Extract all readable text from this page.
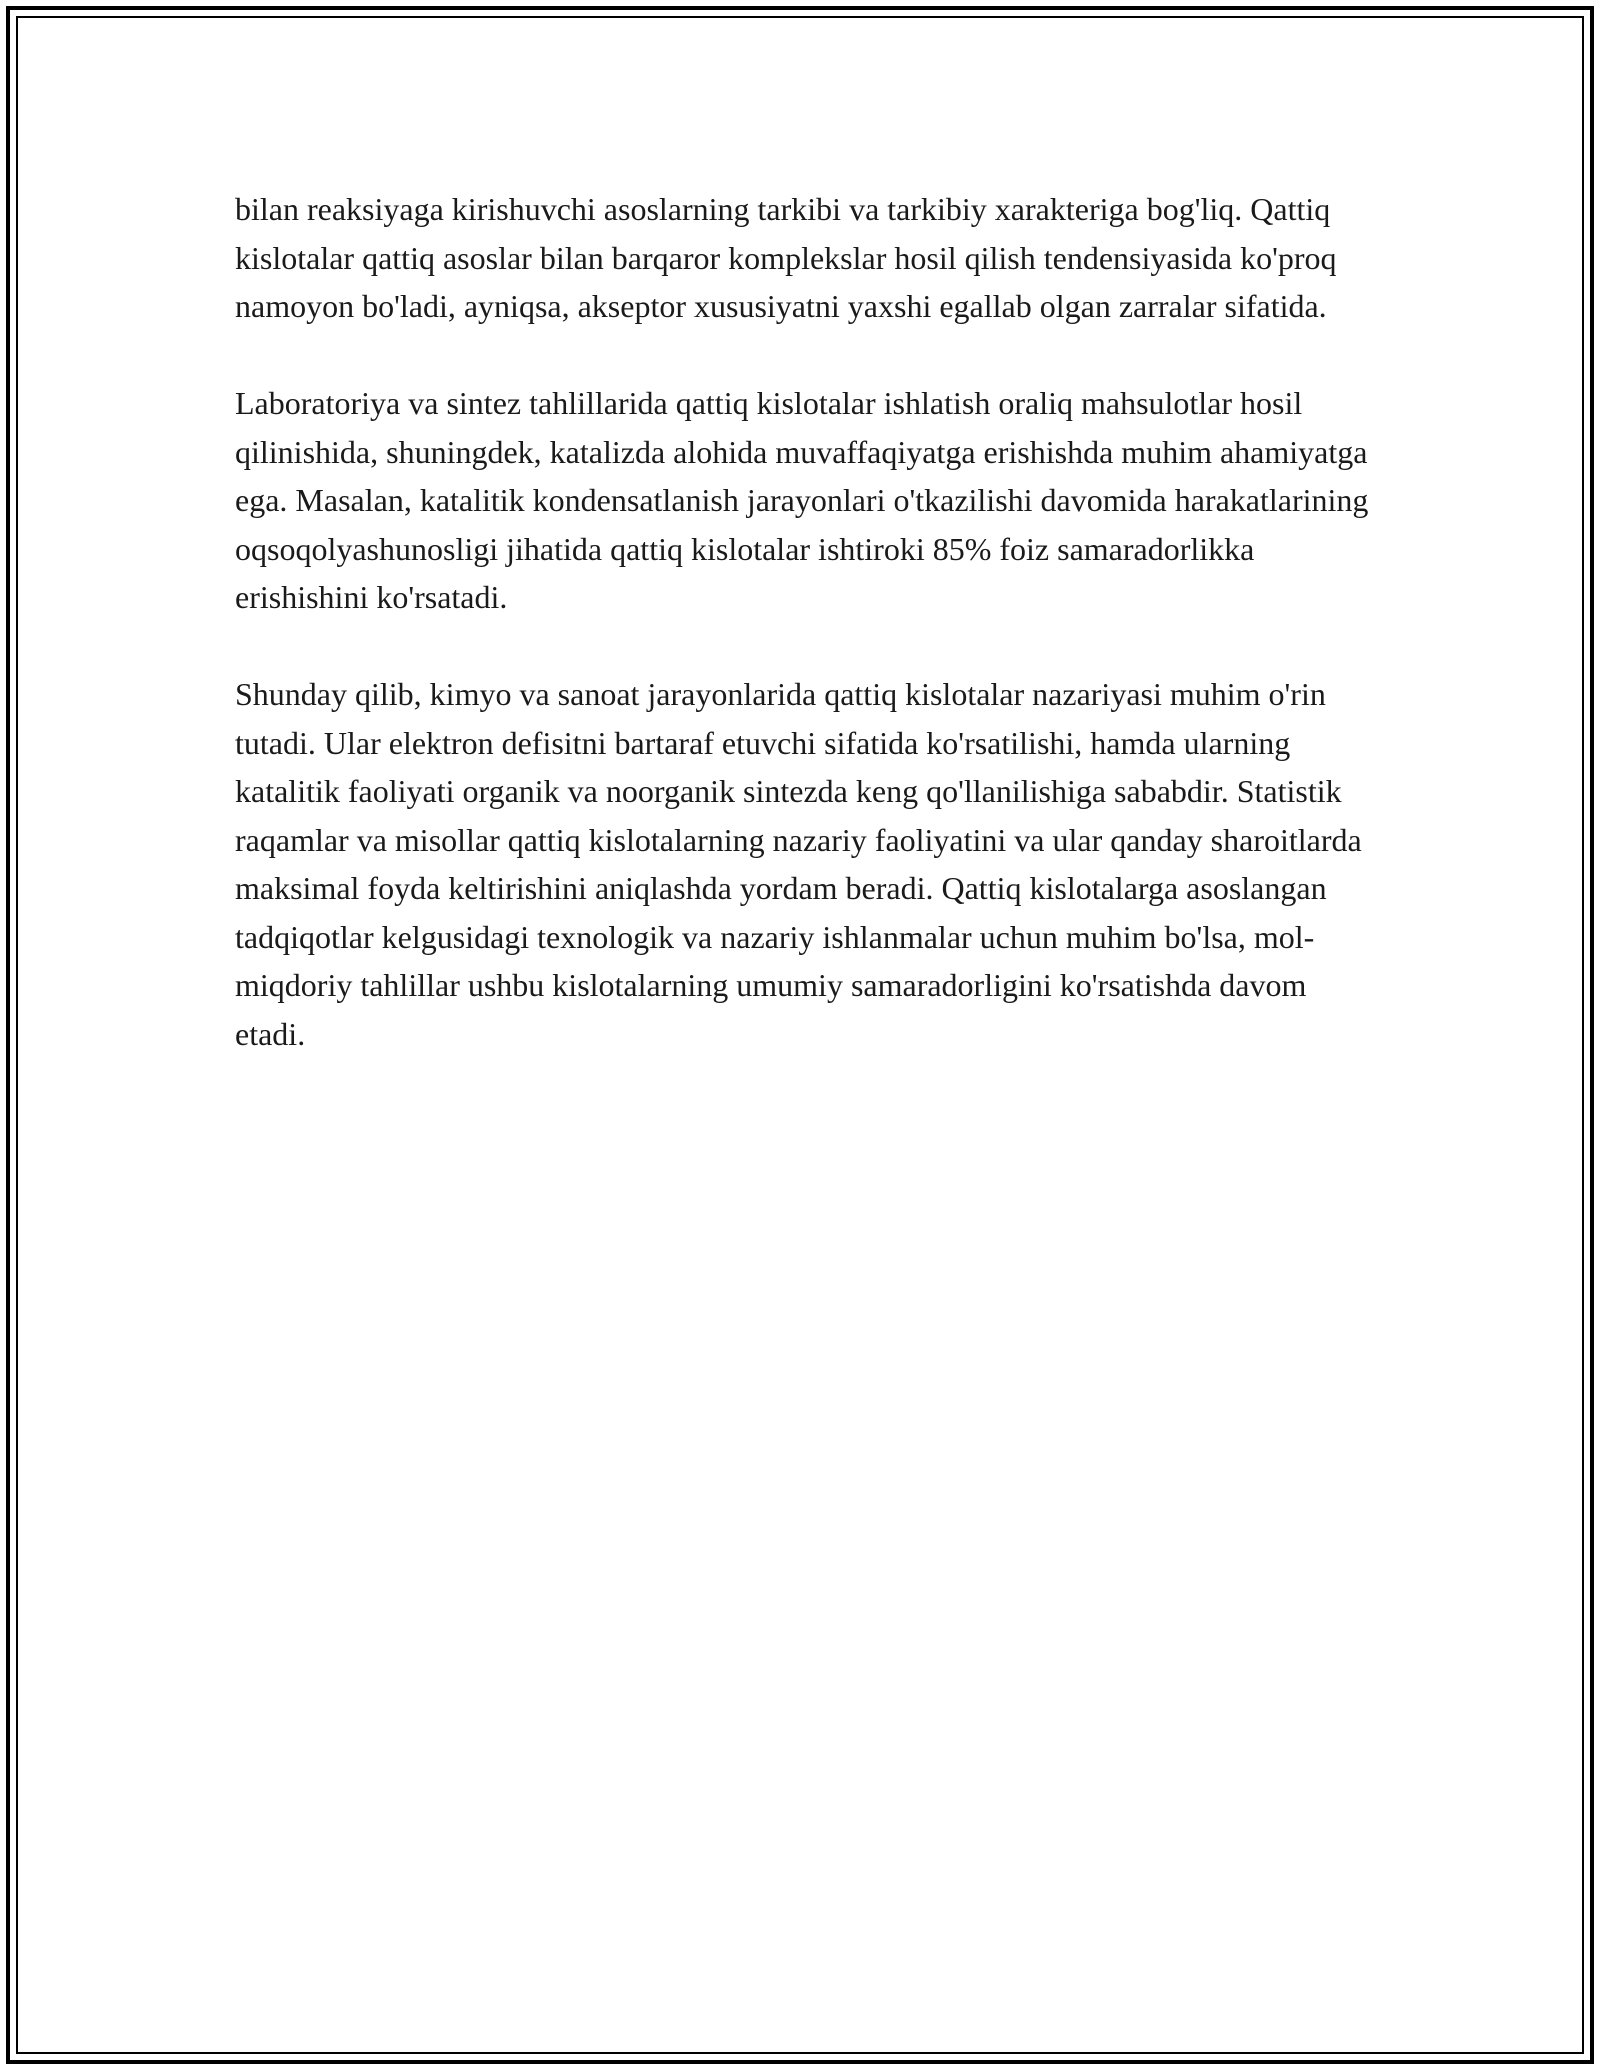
bilan reaksiyaga kirishuvchi asoslarning tarkibi va tarkibiy xarakteriga bog'liq. Qattiq kislotalar qattiq asoslar bilan barqaror komplekslar hosil qilish tendensiyasida ko'proq namoyon bo'ladi, ayniqsa, akseptor xususiyatni yaxshi egallab olgan zarralar sifatida.

Laboratoriya va sintez tahlillarida qattiq kislotalar ishlatish oraliq mahsulotlar hosil qilinishida, shuningdek, katalizda alohida muvaffaqiyatga erishishda muhim ahamiyatga ega. Masalan, katalitik kondensatlanish jarayonlari o'tkazilishi davomida harakatlarining oqsoqolyashunosligi jihatida qattiq kislotalar ishtiroki 85% foiz samaradorlikka erishishini ko'rsatadi.

Shunday qilib, kimyo va sanoat jarayonlarida qattiq kislotalar nazariyasi muhim o'rin tutadi. Ular elektron defisitni bartaraf etuvchi sifatida ko'rsatilishi, hamda ularning katalitik faoliyati organik va noorganik sintezda keng qo'llanilishiga sababdir. Statistik raqamlar va misollar qattiq kislotalarning nazariy faoliyatini va ular qanday sharoitlarda maksimal foyda keltirishini aniqlashda yordam beradi. Qattiq kislotalarga asoslangan tadqiqotlar kelgusidagi texnologik va nazariy ishlanmalar uchun muhim bo'lsa, mol-miqdoriy tahlillar ushbu kislotalarning umumiy samaradorligini ko'rsatishda davom etadi.
